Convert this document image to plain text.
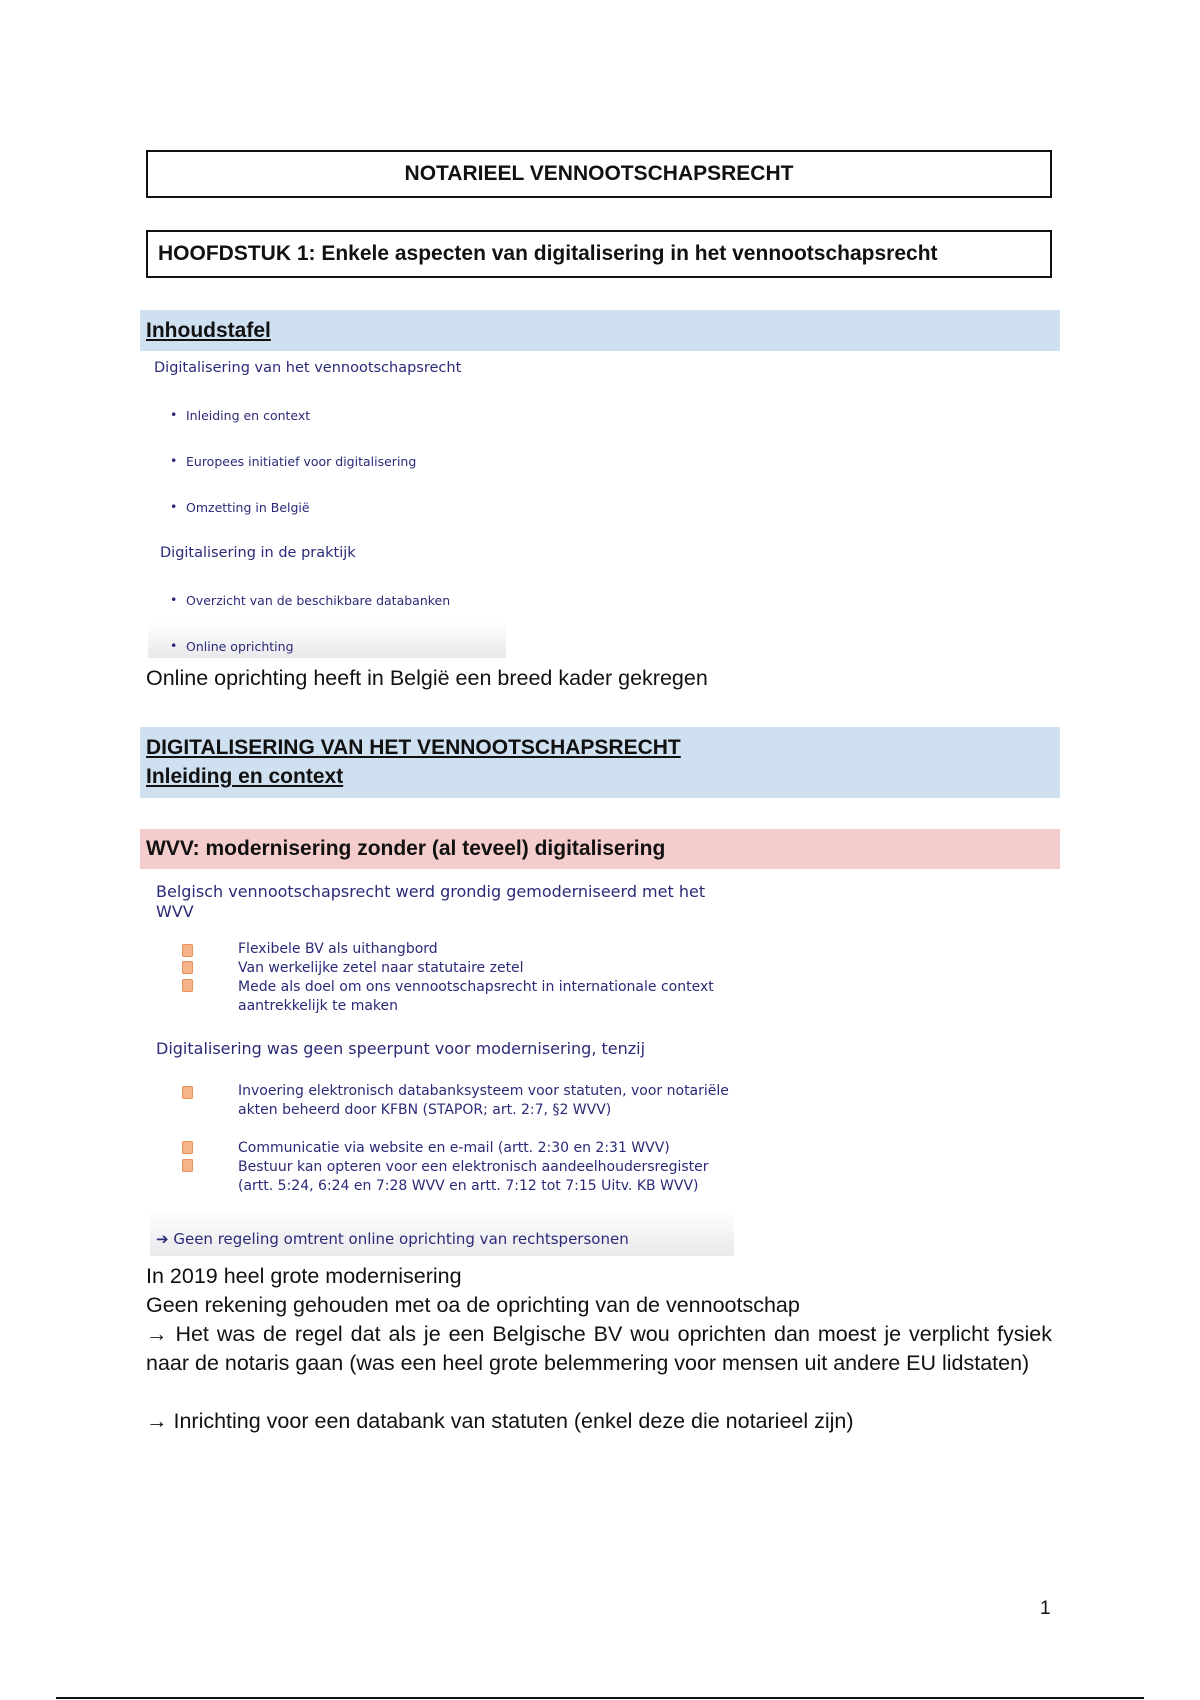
NOTARIEEL VENNOOTSCHAPSRECHT
HOOFDSTUK 1: Enkele aspecten van digitalisering in het vennootschapsrecht
Inhoudstafel
Digitalisering van het vennootschapsrecht
• Inleiding en context
• Europees initiatief voor digitalisering
• Omzetting in België
Digitalisering in de praktijk
• Overzicht van de beschikbare databanken
• Online oprichting
Online oprichting heeft in België een breed kader gekregen
DIGITALISERING VAN HET VENNOOTSCHAPSRECHT
Inleiding en context
WVV: modernisering zonder (al teveel) digitalisering
Belgisch vennootschapsrecht werd grondig gemoderniseerd met het WVV
Flexibele BV als uithangbord
Van werkelijke zetel naar statutaire zetel
Mede als doel om ons vennootschapsrecht in internationale context aantrekkelijk te maken
Digitalisering was geen speerpunt voor modernisering, tenzij
Invoering elektronisch databanksysteem voor statuten, voor notariële akten beheerd door KFBN (STAPOR; art. 2:7, §2 WVV)
Communicatie via website en e-mail (artt. 2:30 en 2:31 WVV)
Bestuur kan opteren voor een elektronisch aandeelhoudersregister (artt. 5:24, 6:24 en 7:28 WVV en artt. 7:12 tot 7:15 Uitv. KB WVV)
➔ Geen regeling omtrent online oprichting van rechtspersonen
In 2019 heel grote modernisering
Geen rekening gehouden met oa de oprichting van de vennootschap
→ Het was de regel dat als je een Belgische BV wou oprichten dan moest je verplicht fysiek naar de notaris gaan (was een heel grote belemmering voor mensen uit andere EU lidstaten)
→ Inrichting voor een databank van statuten (enkel deze die notarieel zijn)
1
